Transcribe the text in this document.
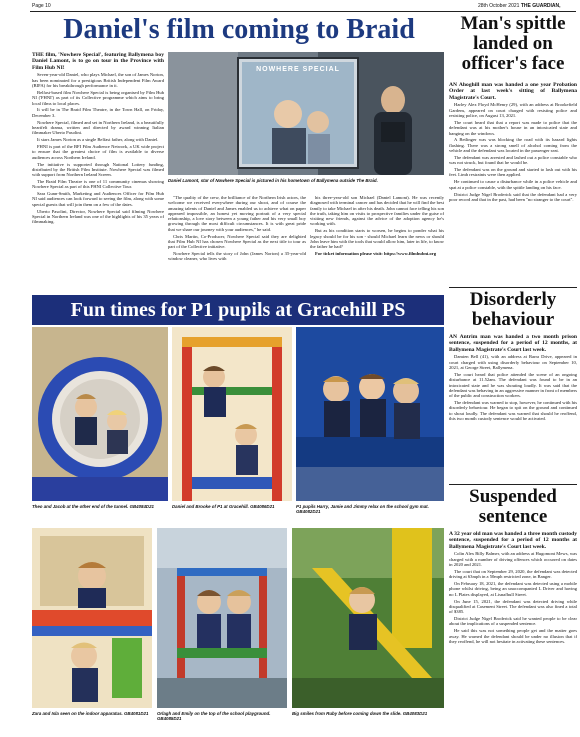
Page 10	28th October 2021 THE GUARDIAN,
Daniel's film coming to Braid

THE film, 'Nowhere Special', featuring Ballymena boy Daniel Lamont, is to go on tour in the Province with Film Hub NI!

Seven-year-old Daniel, who plays Michael, the son of James Norton, has been nominated for a prestigious British Independent Film Award (BIFA) for his breakthrough performance in it.

Belfast-based film Nowhere Special is being organised by Film Hub NI ('FHNI') as part of its Collective programme which aims to bring local films to local places.

It will be in The Braid Film Theatre, in the Town Hall, on Friday, December 3.

Nowhere Special, filmed and set in Northern Ireland, is a beautifully heartfelt drama, written and directed by award winning Italian filmmaker Uberto Pasolini.

It stars James Norton as a single Belfast father, along with Daniel.

FHNI is part of the BFI Film Audience Network, a UK wide project to ensure that the greatest choice of film is available to diverse audiences across Northern Ireland.

The initiative is supported through National Lottery funding, distributed by the British Film Institute. Nowhere Special was filmed with support from Northern Ireland Screen.

The Braid Film Theatre is one of 11 community cinemas showing Nowhere Special as part of this FHNI Collective Tour.

Sara Gunn-Smith, Marketing and Audiences Officer for Film Hub NI said audiences can look forward to seeing the film, along with some special guests that will join them on a few of the dates.

Uberto Pasolini, Director, Nowhere Special said filming Nowhere Special in Northern Ireland was one of the highlights of his 35 years of filmmaking.

NOWHERE SPECIAL
Daniel Lamont, star of Nowhere Special is pictured in his hometown of Ballymena outside The Braid.

"The quality of the crew, the brilliance of the Northern Irish actors, the welcome we received everywhere during our shoot, and of course the amazing talents of Daniel and James enabled us to achieve what on paper appeared impossible, an honest yet moving portrait of a very special relationship, a love story between a young father and his very small boy growing through the most difficult circumstances. It is with great pride that we share our journey with your audiences," he said.

Chris Martin, Co-Producer, Nowhere Special said they are delighted that Film Hub NI has chosen Nowhere Special as the next title to tour as part of the Collective initiative.

Nowhere Special tells the story of John (James Norton) a 35-year-old window cleaner, who lives with

his three-year-old son Michael (Daniel Lamont). He was recently diagnosed with terminal cancer and has decided that he will find the best family to take Michael in after his death. John cannot face telling his son the truth, taking him on visits to prospective families under the guise of visiting new friends, against the advice of the adoption agency he's working with.

But as his condition starts to worsen, he begins to ponder what his legacy should be for his son - should Michael learn the news or should John leave him with the tools that would allow him, later in life, to know the father he had?

For ticket information please visit: https://www.filmhubni.org

Fun times for P1 pupils at Gracehill PS
Theo and Jacob at the other end of the tunnel. GB4084D21	Daniel and Brooke of P1 at Gracehill. GB4086D21	P1 pupils Harry, Jamie and Jimmy relax on the school gym mat. GB4082D21
Zara and Isla seen on the indoor apparatus. GB4081D21	Orlagh and Emily on the top of the school playground. GB4085D21
Big smiles from Ruby before coming down the slide. GB4083D21
Man's spittle landed on officer's face

AN Ahoghill man was handed a one year Probation Order at last week's sitting of Ballymena Magistrate's Court.

Harley Alex Floyd McHenry (29), with an address at Brookefield Gardens, appeared on court charged with resisting police and resisting police, on August 13, 2021.

The court heard that that a report was made to police that the defendant was at his mother's house in an intoxicated state and banging on the windows.

A Betlinger was was blocking the road with its hazard lights flashing. There was a strong smell of alcohol coming from the vehicle and the defendant was located in the passenger seat.

The defendant was arrested and lashed out a police constable who was not struck, but found that he would be.

The defendant was on the ground and started to lash out with his feet. Limb restraints were then applied.

He continued to cause a disturbance while in a police vehicle and spat at a police constable, with the spittle landing on his face.

District Judge Nigel Broderick said that the defendant had a very poor record and that in the past, had been "no stranger to the court".

Disorderly behaviour

AN Antrim man was handed a two month prison sentence, suspended for a period of 12 months, at Ballymena Magistrate's Court last week.

Damien Bell (41), with an address at Barra Drive, appeared in court charged with using disorderly behaviour on September 10, 2021, at George Street, Ballymena.

The court heard that police attended the scene of an ongoing disturbance at 11.52am. The defendant was found to be in an intoxicated state and he was shouting loudly. It was said that the defendant was behaving in an aggressive manner in front of members of the public and construction workers.

The defendant was warned to stop, however, he continued with his disorderly behaviour. He began to spit on the ground and continued to shout loudly. The defendant was warned that should he reoffend, this two month custody sentence would be activated.

Suspended sentence

A 32 year old man was handed a three month custody sentence, suspended for a period of 12 months at Ballymena Magistrate's Court last week.

Colin Alex Billy Balmer, with an address at Hugomont Mews, was charged with a number of driving offences which occurred on dates in 2020 and 2021.

The court that on September 29, 2020, the defendant was detected driving at 63mph in a 50mph restricted zone, in Banger.

On February 18, 2021, the defendant was detected using a mobile phone whilst driving, being an unaccompanied L Driver and having no L Plates displayed, at Lisnafhull Street.

On June 15, 2021, the defendant was detected driving while disqualified at Casement Street. The defendant was also fined a total of $385.

District Judge Nigel Broderick said he wanted people to be clear about the implications of a suspended sentence.

He said this was not something people get and the matter goes away. He warned the defendant should be under no illusion that if they reoffend, he will not hesitate in activating these sentences.
